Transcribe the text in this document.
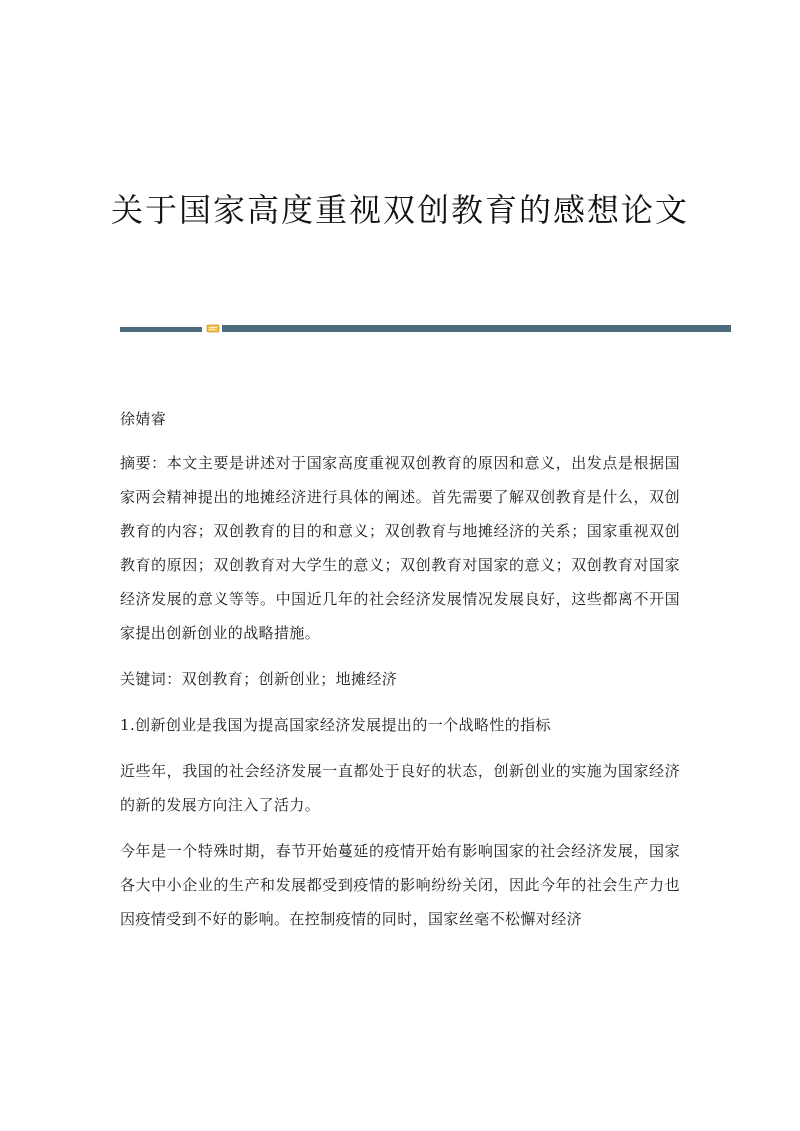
关于国家高度重视双创教育的感想论文

徐婧睿

摘要：本文主要是讲述对于国家高度重视双创教育的原因和意义，出发点是根据国家两会精神提出的地摊经济进行具体的阐述。首先需要了解双创教育是什么，双创教育的内容；双创教育的目的和意义；双创教育与地摊经济的关系；国家重视双创教育的原因；双创教育对大学生的意义；双创教育对国家的意义；双创教育对国家经济发展的意义等等。中国近几年的社会经济发展情况发展良好，这些都离不开国家提出创新创业的战略措施。

关键词：双创教育；创新创业；地摊经济

1.创新创业是我国为提高国家经济发展提出的一个战略性的指标

近些年，我国的社会经济发展一直都处于良好的状态，创新创业的实施为国家经济的新的发展方向注入了活力。

今年是一个特殊时期，春节开始蔓延的疫情开始有影响国家的社会经济发展，国家各大中小企业的生产和发展都受到疫情的影响纷纷关闭，因此今年的社会生产力也因疫情受到不好的影响。在控制疫情的同时，国家丝毫不松懈对经济
